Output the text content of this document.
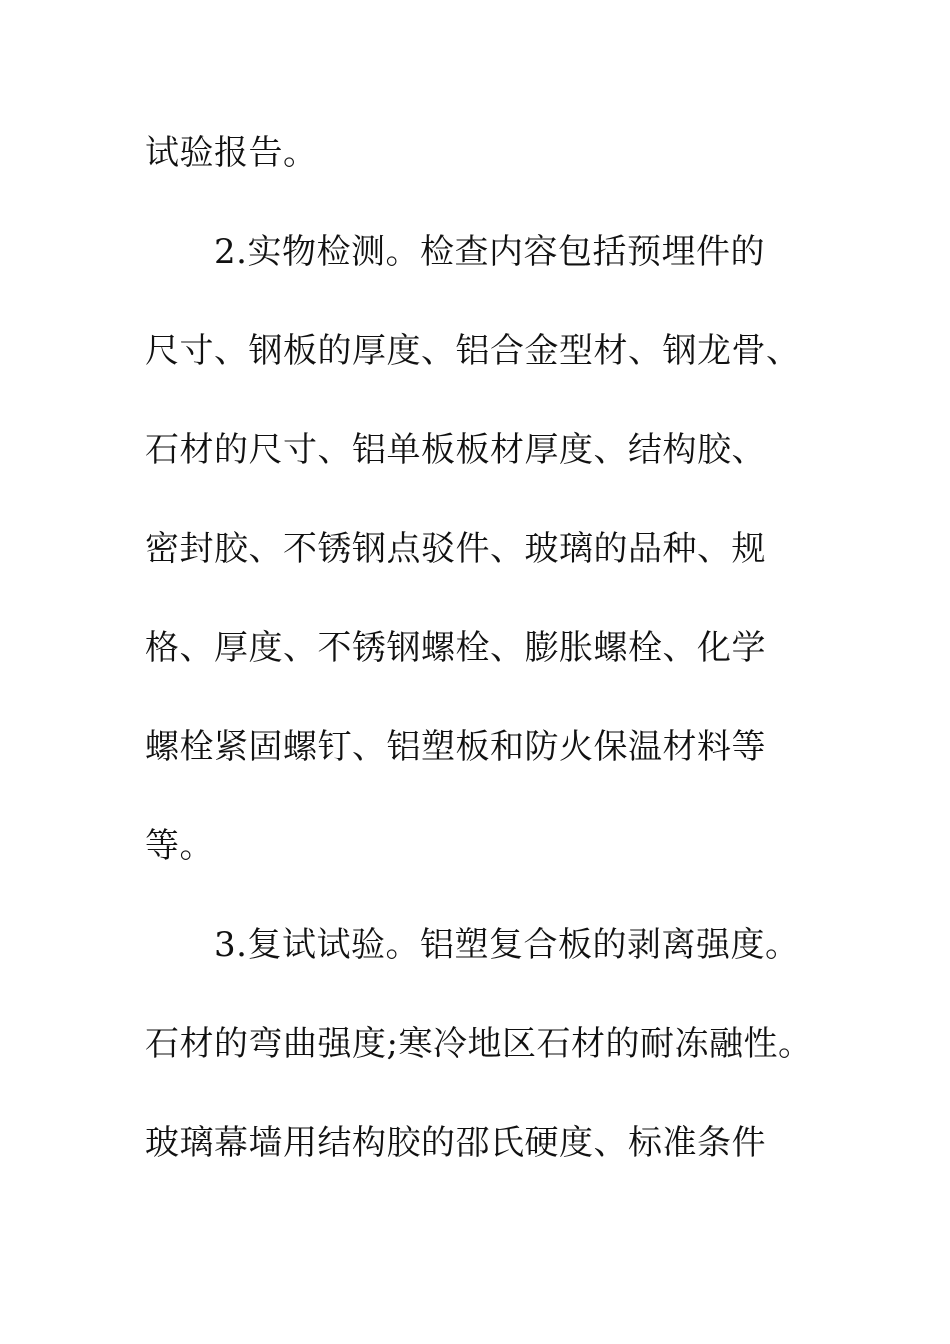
试验报告。
2.实物检测。检查内容包括预埋件的
尺寸、钢板的厚度、铝合金型材、钢龙骨、
石材的尺寸、铝单板板材厚度、结构胶、
密封胶、不锈钢点驳件、玻璃的品种、规
格、厚度、不锈钢螺栓、膨胀螺栓、化学
螺栓紧固螺钉、铝塑板和防火保温材料等
等。
3.复试试验。铝塑复合板的剥离强度。
石材的弯曲强度;寒冷地区石材的耐冻融性。
玻璃幕墙用结构胶的邵氏硬度、标准条件
